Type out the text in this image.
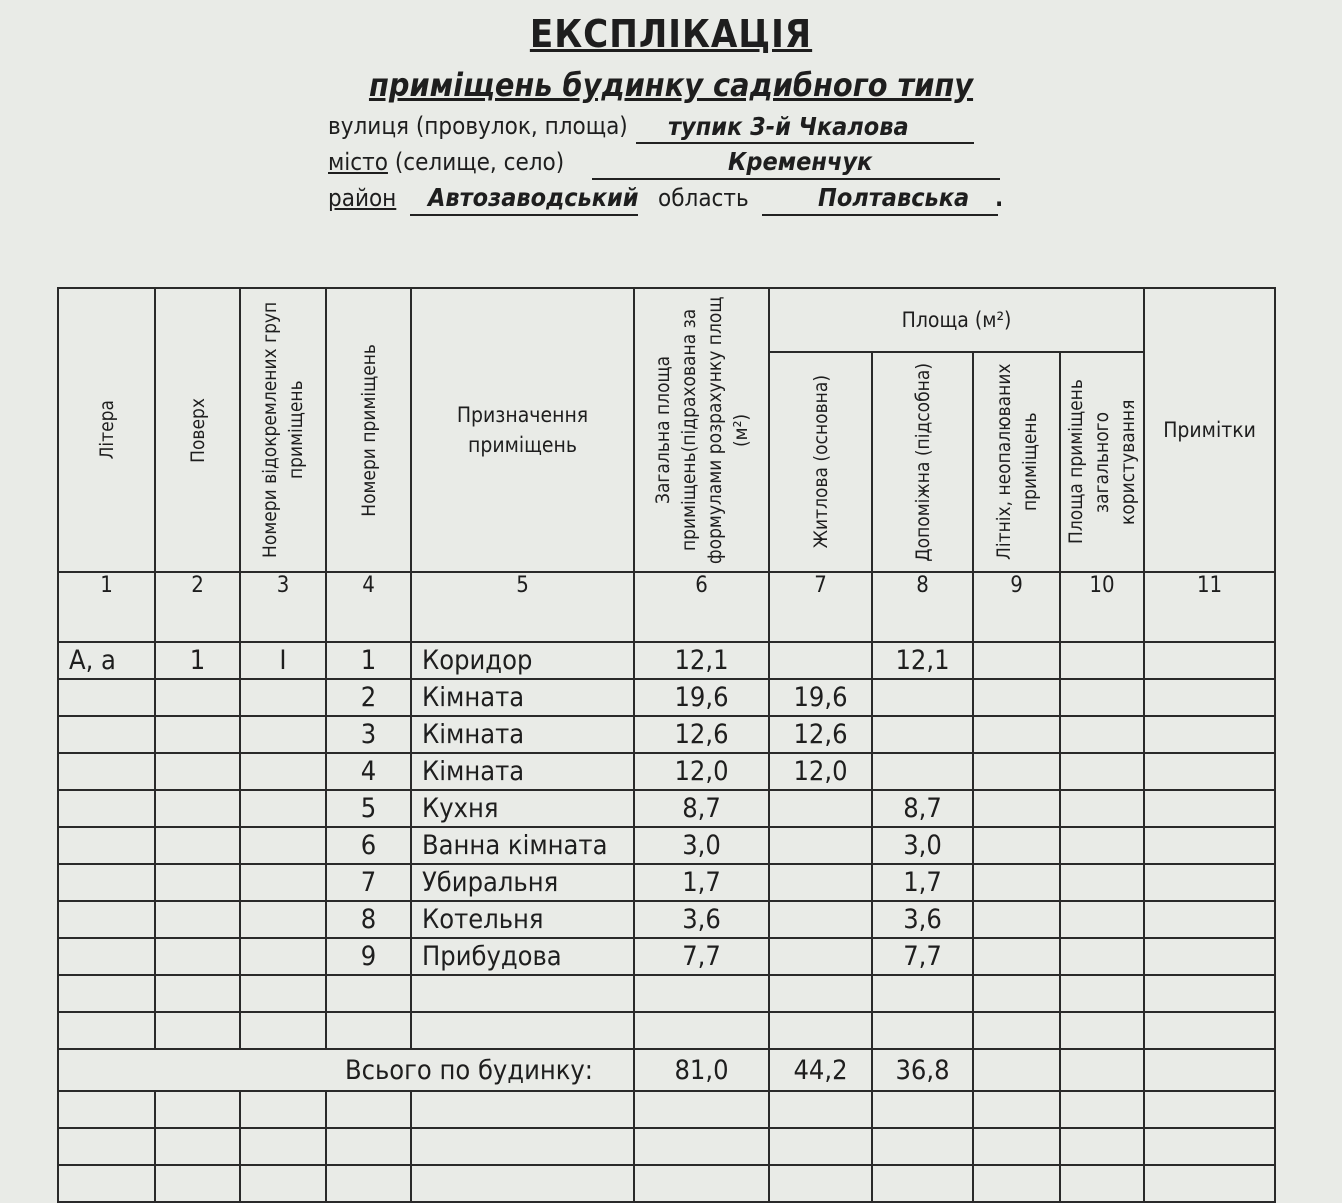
ЕКСПЛІКАЦІЯ
приміщень будинку садибного типу
вулиця (провулок, площа) тупик 3-й Чкалова
місто (селище, село)	Кременчук
район Автозаводський область	Полтавська .
Літера	Поверх	Номери відокремлених груп приміщень	Номери приміщень	Призначення приміщень	Загальна площа приміщень(підрахована за формулами розрахунку площ (м²)	Площа (м²)				Примітки

						Житлова (основна)	Допоміжна (підсобна)	Літніх, неопалюваних приміщень	Площа приміщень загального користування	

1	2	3	4	5	6	7	8	9	10	11
А, а	1	I	1	Коридор	12,1		12,1			
			2	Кімната	19,6	19,6				
			3	Кімната	12,6	12,6				
			4	Кімната	12,0	12,0				
			5	Кухня	8,7		8,7			
			6	Ванна кімната	3,0		3,0			
			7	Убиральня	1,7		1,7			
			8	Котельня	3,6		3,6			
			9	Прибудова	7,7		7,7			

Всього по будинку:					81,0	44,2	36,8			
